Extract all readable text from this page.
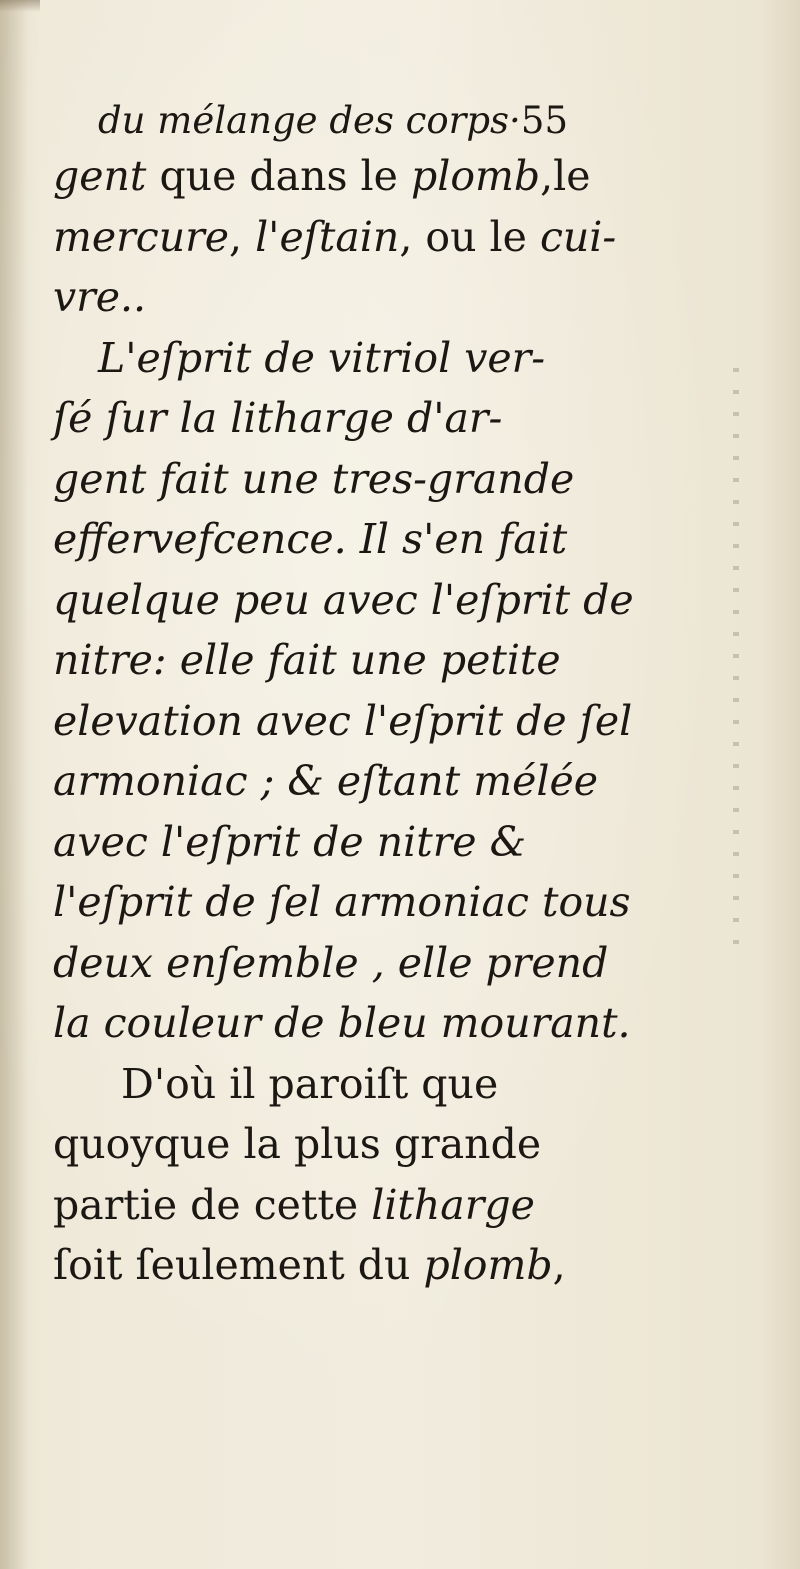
du mélange des corps· 55
gent que dans le plomb,le
mercure, l'eſtain, ou le cui-
vre..
L'eſprit de vitriol ver-
ſé ſur la litharge d'ar-
gent fait une tres-grande
effervefcence. Il s'en fait
quelque peu avec l'eſprit de
nitre: elle fait une petite
elevation avec l'eſprit de ſel
armoniac ; & eſtant mélée
avec l'eſprit de nitre &
l'eſprit de ſel armoniac tous
deux enſemble , elle prend
la couleur de bleu mourant.
D'où il paroiſt que
quoyque la plus grande
partie de cette litharge
ſoit ſeulement du plomb,
